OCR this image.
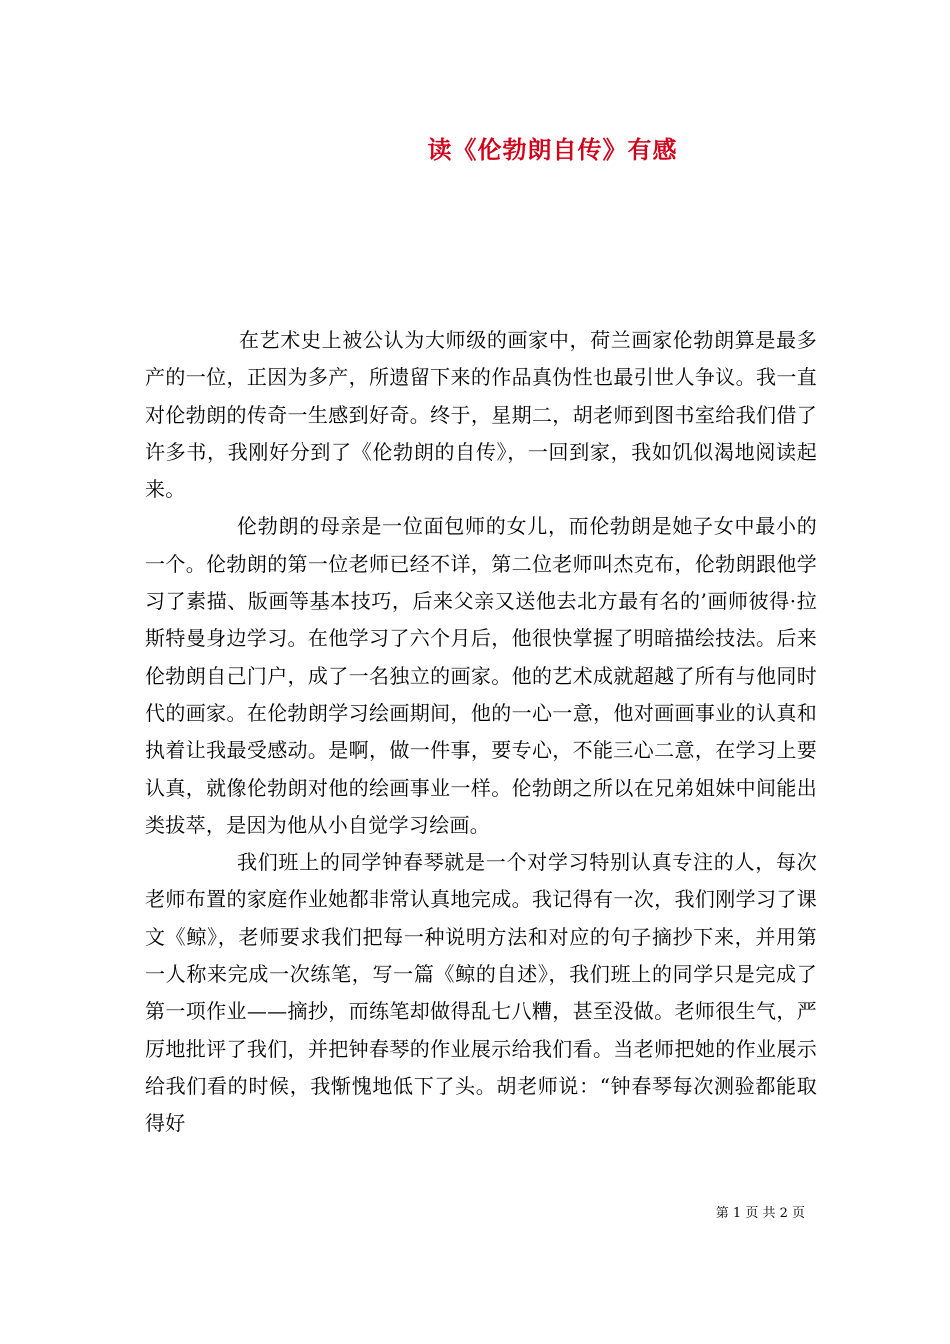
读《伦勃朗自传》有感

在艺术史上被公认为大师级的画家中，荷兰画家伦勃朗算是最多产的一位，正因为多产，所遗留下来的作品真伪性也最引世人争议。我一直对伦勃朗的传奇一生感到好奇。终于，星期二，胡老师到图书室给我们借了许多书，我刚好分到了《伦勃朗的自传》，一回到家，我如饥似渴地阅读起来。

伦勃朗的母亲是一位面包师的女儿，而伦勃朗是她子女中最小的一个。伦勃朗的第一位老师已经不详，第二位老师叫杰克布，伦勃朗跟他学习了素描、版画等基本技巧，后来父亲又送他去北方最有名的’画师彼得·拉斯特曼身边学习。在他学习了六个月后，他很快掌握了明暗描绘技法。后来伦勃朗自己门户，成了一名独立的画家。他的艺术成就超越了所有与他同时代的画家。在伦勃朗学习绘画期间，他的一心一意，他对画画事业的认真和执着让我最受感动。是啊，做一件事，要专心，不能三心二意，在学习上要认真，就像伦勃朗对他的绘画事业一样。伦勃朗之所以在兄弟姐妹中间能出类拔萃，是因为他从小自觉学习绘画。

我们班上的同学钟春琴就是一个对学习特别认真专注的人，每次老师布置的家庭作业她都非常认真地完成。我记得有一次，我们刚学习了课文《鲸》，老师要求我们把每一种说明方法和对应的句子摘抄下来，并用第一人称来完成一次练笔，写一篇《鲸的自述》，我们班上的同学只是完成了第一项作业——摘抄，而练笔却做得乱七八糟，甚至没做。老师很生气，严厉地批评了我们，并把钟春琴的作业展示给我们看。当老师把她的作业展示给我们看的时候，我惭愧地低下了头。胡老师说：“钟春琴每次测验都能取得好

第 1 页 共 2 页
